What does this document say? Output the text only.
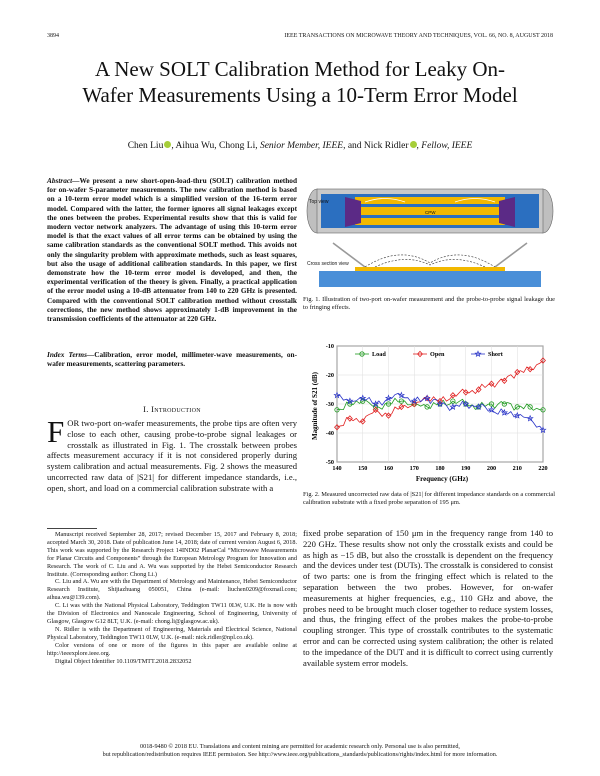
3894	IEEE TRANSACTIONS ON MICROWAVE THEORY AND TECHNIQUES, VOL. 66, NO. 8, AUGUST 2018
A New SOLT Calibration Method for Leaky On-Wafer Measurements Using a 10-Term Error Model
Chen Liu , Aihua Wu, Chong Li, Senior Member, IEEE, and Nick Ridler , Fellow, IEEE
Abstract—We present a new short-open-load-thru (SOLT) calibration method for on-wafer S-parameter measurements. The new calibration method is based on a 10-term error model which is a simplified version of the 16-term error model. Compared with the latter, the former ignores all signal leakages except the ones between the probes. Experimental results show that this is valid for modern vector network analyzers. The advantage of using this 10-term error model is that the exact values of all error terms can be obtained by using the same calibration standards as the conventional SOLT method. This avoids not only the singularity problem with approximate methods, such as least squares, but also the usage of additional calibration standards. In this paper, we first demonstrate how the 10-term error model is developed, and then, the experimental verification of the theory is given. Finally, a practical application of the error model using a 10-dB attenuator from 140 to 220 GHz is presented. Compared with the conventional SOLT calibration method without crosstalk corrections, the new method shows approximately 1-dB improvement in the transmission coefficients of the attenuator at 220 GHz.
Index Terms—Calibration, error model, millimeter-wave measurements, on-wafer measurements, scattering parameters.
I. Introduction
FOR two-port on-wafer measurements, the probe tips are often very close to each other, causing probe-to-probe signal leakages or crosstalk as illustrated in Fig. 1. The crosstalk between probes affects measurement accuracy if it is not considered properly during system calibration and actual measurements. Fig. 2 shows the measured uncorrected raw data of |S21| for different impedance standards, i.e., open, short, and load on a commercial calibration substrate with a

Manuscript received September 28, 2017; revised December 15, 2017 and February 8, 2018; accepted March 30, 2018. Date of publication June 14, 2018; date of current version August 6, 2018. This work was supported by the Research Project 14IND02 PlanarCal “Microwave Measurements for Planar Circuits and Components” through the European Metrology Program for Innovation and Research. The work of C. Liu and A. Wu was supported by the Hebei Semiconductor Research Institute. (Corresponding author: Chong Li.)

C. Liu and A. Wu are with the Department of Metrology and Maintenance, Hebei Semiconductor Research Institute, Shijiazhuang 050051, China (e-mail: liuchen0209@foxmail.com; aihua.wu@139.com).

C. Li was with the National Physical Laboratory, Teddington TW11 0LW, U.K. He is now with the Division of Electronics and Nanoscale Engineering, School of Engineering, University of Glasgow, Glasgow G12 8LT, U.K. (e-mail: chong.li@glasgow.ac.uk).

N. Ridler is with the Department of Engineering, Materials and Electrical Science, National Physical Laboratory, Teddington TW11 0LW, U.K. (e-mail: nick.ridler@npl.co.uk).

Color versions of one or more of the figures in this paper are available online at http://ieeexplore.ieee.org.

Digital Object Identifier 10.1109/TMTT.2018.2832052

fixed probe separation of 150 μm in the frequency range from 140 to 220 GHz. These results show not only the crosstalk exists and could be as high as −15 dB, but also the crosstalk is dependent on the frequency and the devices under test (DUTs). The crosstalk is considered to consist of two parts: one is from the fringing effect which is related to the separation between the two probes. However, for on-wafer measurements at higher frequencies, e.g., 110 GHz and above, the probes need to be brought much closer together to reduce system losses, and thus, the fringing effect of the probes makes the probe-to-probe coupling stronger. This type of crosstalk contributes to the systematic error and can be corrected using system calibration; the other is related to the impedance of the DUT and it is difficult to correct using currently available system error models.
Top view
CPW
Cross section view
Fig. 1. Illustration of two-port on-wafer measurement and the probe-to-probe signal leakage due to fringing effects.
140	150	160	170	180	190	200	210	220
-50
-40
-30
-20
-10
Load	Open	Short
Frequency (GHz)
Magnitude of S21 (dB)
Fig. 2. Measured uncorrected raw data of |S21| for different impedance standards on a commercial calibration substrate with a fixed probe separation of 195 μm.
0018-9480 © 2018 EU. Translations and content mining are permitted for academic research only. Personal use is also permitted,
but republication/redistribution requires IEEE permission. See http://www.ieee.org/publications_standards/publications/rights/index.html for more information.
